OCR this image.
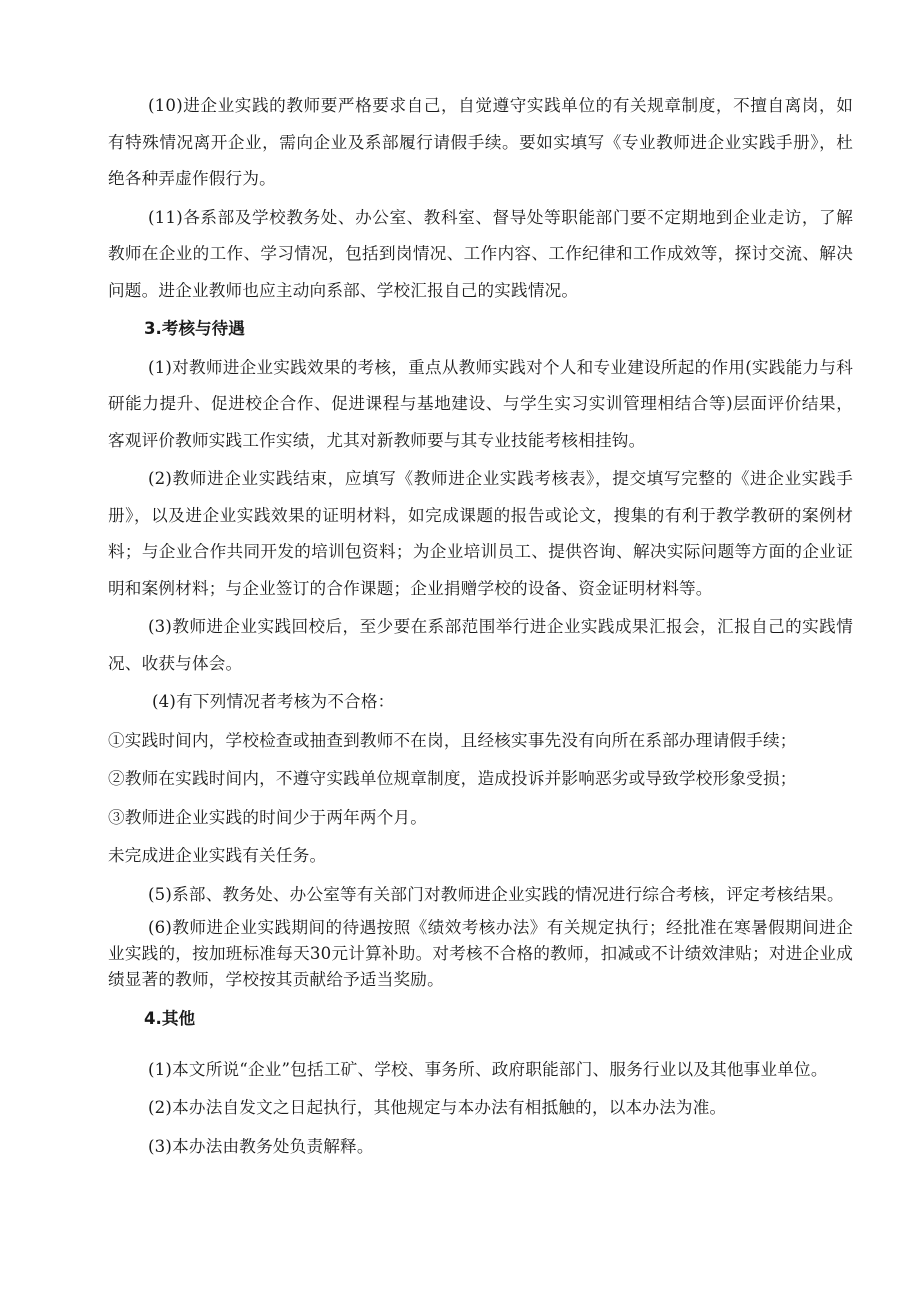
(10)进企业实践的教师要严格要求自己，自觉遵守实践单位的有关规章制度，不擅自离岗，如有特殊情况离开企业，需向企业及系部履行请假手续。要如实填写《专业教师进企业实践手册》，杜绝各种弄虚作假行为。

(11)各系部及学校教务处、办公室、教科室、督导处等职能部门要不定期地到企业走访，了解教师在企业的工作、学习情况，包括到岗情况、工作内容、工作纪律和工作成效等，探讨交流、解决问题。进企业教师也应主动向系部、学校汇报自己的实践情况。

3.考核与待遇

(1)对教师进企业实践效果的考核，重点从教师实践对个人和专业建设所起的作用(实践能力与科研能力提升、促进校企合作、促进课程与基地建设、与学生实习实训管理相结合等)层面评价结果，客观评价教师实践工作实绩，尤其对新教师要与其专业技能考核相挂钩。

(2)教师进企业实践结束，应填写《教师进企业实践考核表》，提交填写完整的《进企业实践手册》，以及进企业实践效果的证明材料，如完成课题的报告或论文，搜集的有利于教学教研的案例材料；与企业合作共同开发的培训包资料；为企业培训员工、提供咨询、解决实际问题等方面的企业证明和案例材料；与企业签订的合作课题；企业捐赠学校的设备、资金证明材料等。

(3)教师进企业实践回校后，至少要在系部范围举行进企业实践成果汇报会，汇报自己的实践情况、收获与体会。

(4)有下列情况者考核为不合格：

①实践时间内，学校检查或抽查到教师不在岗，且经核实事先没有向所在系部办理请假手续；

②教师在实践时间内，不遵守实践单位规章制度，造成投诉并影响恶劣或导致学校形象受损；

③教师进企业实践的时间少于两年两个月。

未完成进企业实践有关任务。

(5)系部、教务处、办公室等有关部门对教师进企业实践的情况进行综合考核，评定考核结果。

(6)教师进企业实践期间的待遇按照《绩效考核办法》有关规定执行；经批准在寒暑假期间进企业实践的，按加班标准每天30元计算补助。对考核不合格的教师，扣减或不计绩效津贴；对进企业成绩显著的教师，学校按其贡献给予适当奖励。

4.其他

(1)本文所说“企业”包括工矿、学校、事务所、政府职能部门、服务行业以及其他事业单位。

(2)本办法自发文之日起执行，其他规定与本办法有相抵触的，以本办法为准。

(3)本办法由教务处负责解释。
